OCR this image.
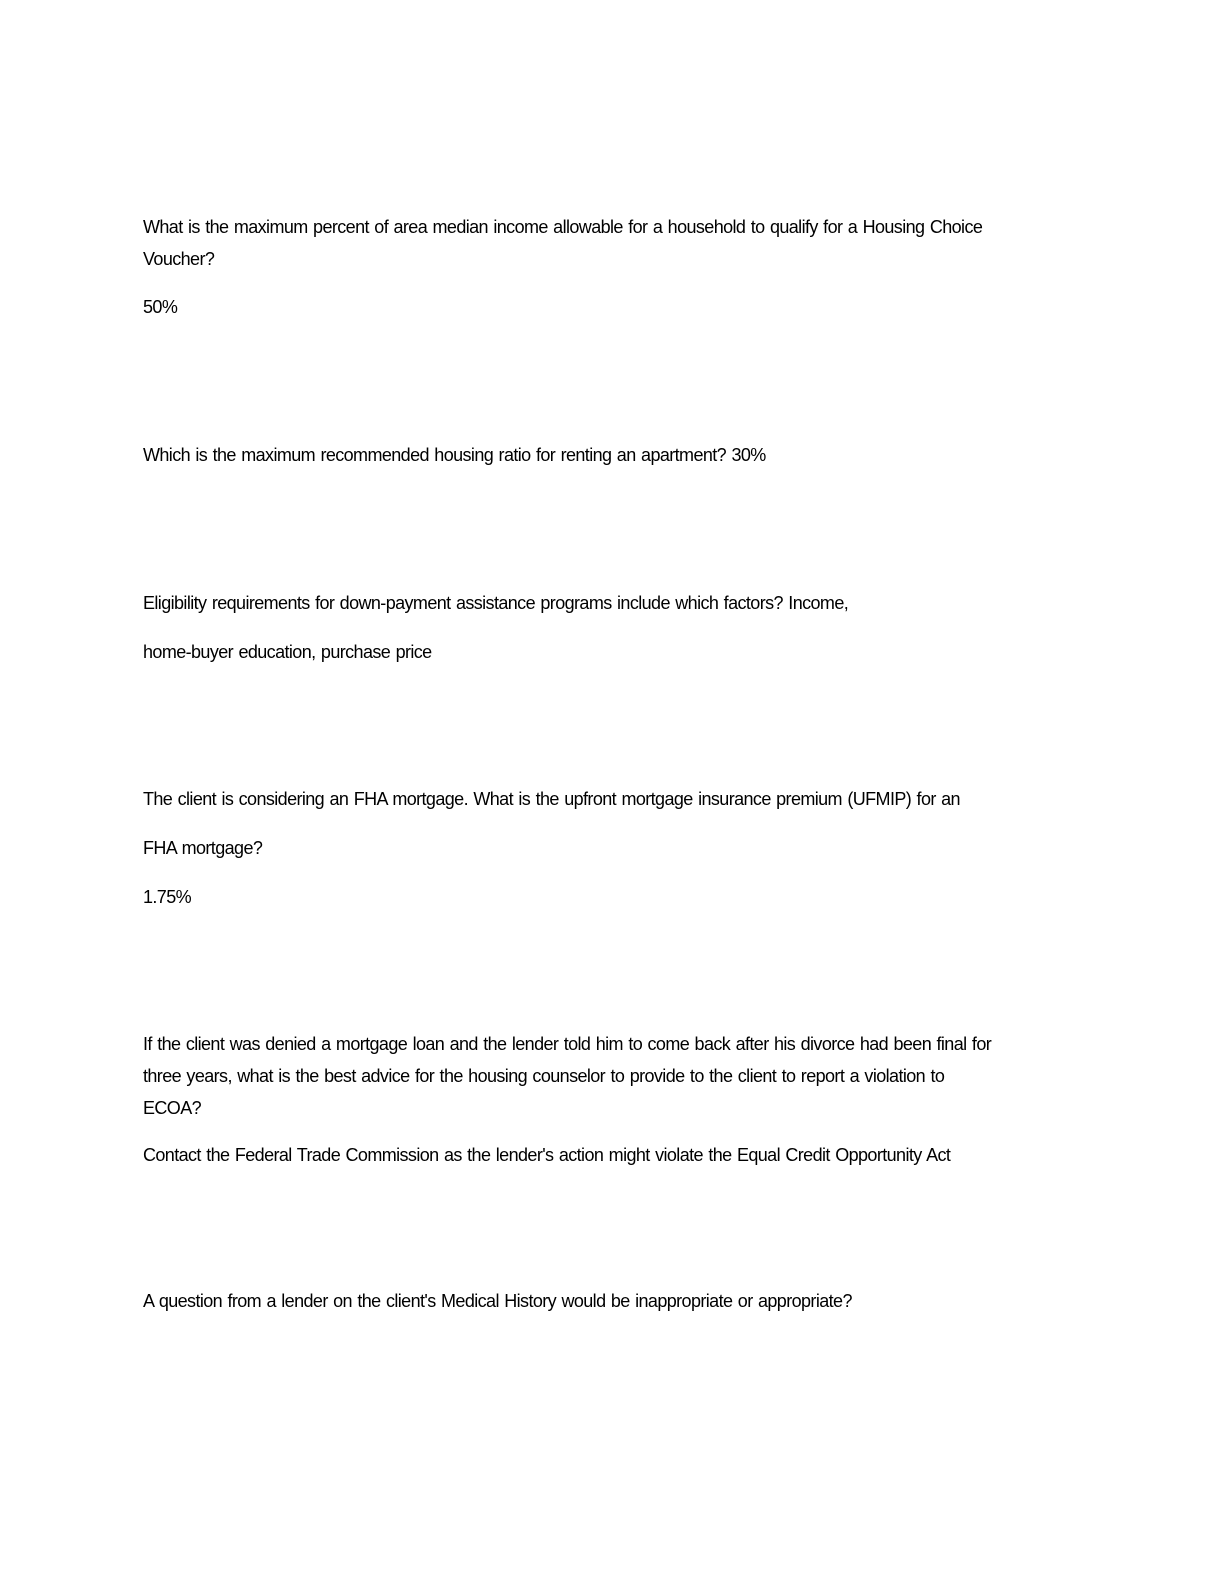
What is the maximum percent of area median income allowable for a household to qualify for a Housing Choice
Voucher?
50%
Which is the maximum recommended housing ratio for renting an apartment? 30%
Eligibility requirements for down-payment assistance programs include which factors? Income,
home-buyer education, purchase price
The client is considering an FHA mortgage. What is the upfront mortgage insurance premium (UFMIP) for an
FHA mortgage?
1.75%
If the client was denied a mortgage loan and the lender told him to come back after his divorce had been final for
three years, what is the best advice for the housing counselor to provide to the client to report a violation to
ECOA?
Contact the Federal Trade Commission as the lender's action might violate the Equal Credit Opportunity Act
A question from a lender on the client's Medical History would be inappropriate or appropriate?
